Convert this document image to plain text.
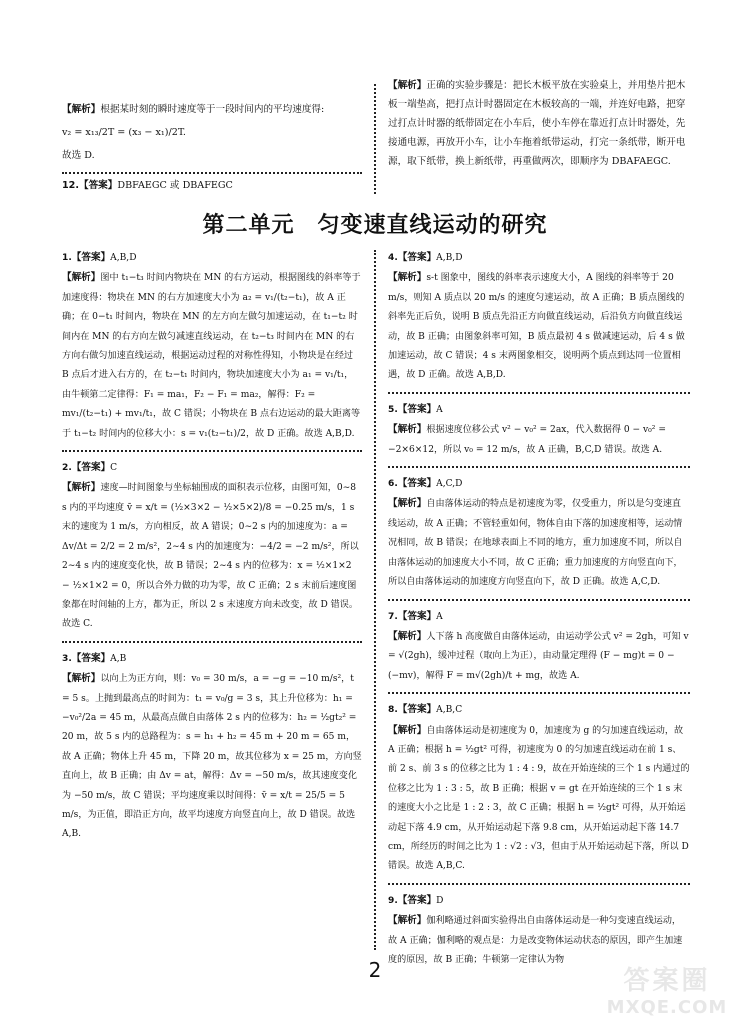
【解析】根据某时刻的瞬时速度等于一段时间内的平均速度得:

v₂ = x₁₃/2T = (x₃ − x₁)/2T.

故选 D.

【解析】正确的实验步骤是：把长木板平放在实验桌上，并用垫片把木板一端垫高，把打点计时器固定在木板较高的一端，并连好电路，把穿过打点计时器的纸带固定在小车后，使小车停在靠近打点计时器处，先接通电源，再放开小车，让小车拖着纸带运动，打完一条纸带，断开电源，取下纸带，换上新纸带，再重做两次，即顺序为 DBAFAEGC.

12.【答案】DBFAEGC 或 DBAFEGC

第二单元　匀变速直线运动的研究

1.【答案】A,B,D

【解析】图中 t₁−t₃ 时间内物块在 MN 的右方运动，根据图线的斜率等于加速度得：物块在 MN 的右方加速度大小为 a₂ = v₁/(t₂−t₁)，故 A 正确；在 0−t₁ 时间内，物块在 MN 的左方向左做匀加速运动，在 t₁−t₂ 时间内在 MN 的右方向左做匀减速直线运动，在 t₂−t₃ 时间内在 MN 的右方向右做匀加速直线运动，根据运动过程的对称性得知，小物块是在经过 B 点后才进入右方的，在 t₂−t₁ 时间内，物块加速度大小为 a₁ = v₁/t₁，由牛顿第二定律得：F₁ = ma₁，F₂ − F₁ = ma₂，解得：F₂ = mv₁/(t₂−t₁) + mv₁/t₁，故 C 错误；小物块在 B 点右边运动的最大距离等于 t₁−t₂ 时间内的位移大小：s = v₁(t₂−t₁)/2，故 D 正确。故选 A,B,D.

2.【答案】C

【解析】速度—时间图象与坐标轴围成的面积表示位移，由图可知，0∼8 s 内的平均速度 v̄ = x/t = (½×3×2 − ½×5×2)/8 = −0.25 m/s，1 s 末的速度为 1 m/s，方向相反，故 A 错误；0∼2 s 内的加速度为：a = Δv/Δt = 2/2 = 2 m/s²，2∼4 s 内的加速度为：−4/2 = −2 m/s²，所以 2∼4 s 内的速度变化快，故 B 错误；2∼4 s 内的位移为：x = ½×1×2 − ½×1×2 = 0，所以合外力做的功为零，故 C 正确；2 s 末前后速度图象都在时间轴的上方，都为正，所以 2 s 末速度方向未改变，故 D 错误。故选 C.

3.【答案】A,B

【解析】以向上为正方向，则：v₀ = 30 m/s，a = −g = −10 m/s²，t = 5 s。上抛到最高点的时间为：t₁ = v₀/g = 3 s，其上升位移为：h₁ = −v₀²/2a = 45 m，从最高点做自由落体 2 s 内的位移为：h₂ = ½gt₂² = 20 m，故 5 s 内的总路程为：s = h₁ + h₂ = 45 m + 20 m = 65 m，故 A 正确；物体上升 45 m，下降 20 m，故其位移为 x = 25 m，方向竖直向上，故 B 正确；由 Δv = at，解得：Δv = −50 m/s，故其速度变化为 −50 m/s，故 C 错误；平均速度乘以时间得：v̄ = x/t = 25/5 = 5 m/s，为正值，即沿正方向，故平均速度方向竖直向上，故 D 错误。故选 A,B.

4.【答案】A,B,D

【解析】s-t 图象中，图线的斜率表示速度大小，A 图线的斜率等于 20 m/s，则知 A 质点以 20 m/s 的速度匀速运动，故 A 正确；B 质点图线的斜率先正后负，说明 B 质点先沿正方向做直线运动，后沿负方向做直线运动，故 B 正确；由图象斜率可知，B 质点最初 4 s 做减速运动，后 4 s 做加速运动，故 C 错误；4 s 末两图象相交，说明两个质点到达同一位置相遇，故 D 正确。故选 A,B,D.

5.【答案】A

【解析】根据速度位移公式 v² − v₀² = 2ax，代入数据得 0 − v₀² = −2×6×12，所以 v₀ = 12 m/s，故 A 正确，B,C,D 错误。故选 A.

6.【答案】A,C,D

【解析】自由落体运动的特点是初速度为零，仅受重力，所以是匀变速直线运动，故 A 正确；不管轻重如何，物体自由下落的加速度相等，运动情况相同，故 B 错误；在地球表面上不同的地方，重力加速度不同，所以自由落体运动的加速度大小不同，故 C 正确；重力加速度的方向竖直向下，所以自由落体运动的加速度方向竖直向下，故 D 正确。故选 A,C,D.

7.【答案】A

【解析】人下落 h 高度做自由落体运动，由运动学公式 v² = 2gh，可知 v = √(2gh)，缓冲过程（取向上为正），由动量定理得 (F − mg)t = 0 − (−mv)，解得 F = m√(2gh)/t + mg，故选 A.

8.【答案】A,B,C

【解析】自由落体运动是初速度为 0，加速度为 g 的匀加速直线运动，故 A 正确；根据 h = ½gt² 可得，初速度为 0 的匀加速直线运动在前 1 s、前 2 s、前 3 s 的位移之比为 1 : 4 : 9，故在开始连续的三个 1 s 内通过的位移之比为 1 : 3 : 5，故 B 正确；根据 v = gt 在开始连续的三个 1 s 末的速度大小之比是 1 : 2 : 3，故 C 正确；根据 h = ½gt² 可得，从开始运动起下落 4.9 cm，从开始运动起下落 9.8 cm，从开始运动起下落 14.7 cm，所经历的时间之比为 1 : √2 : √3，但由于从开始运动起下落，所以 D 错误。故选 A,B,C.

9.【答案】D

【解析】伽利略通过斜面实验得出自由落体运动是一种匀变速直线运动，故 A 正确；伽利略的观点是：力是改变物体运动状态的原因，即产生加速度的原因，故 B 正确；牛顿第一定律认为物

2	答案圈
MXQE.COM
